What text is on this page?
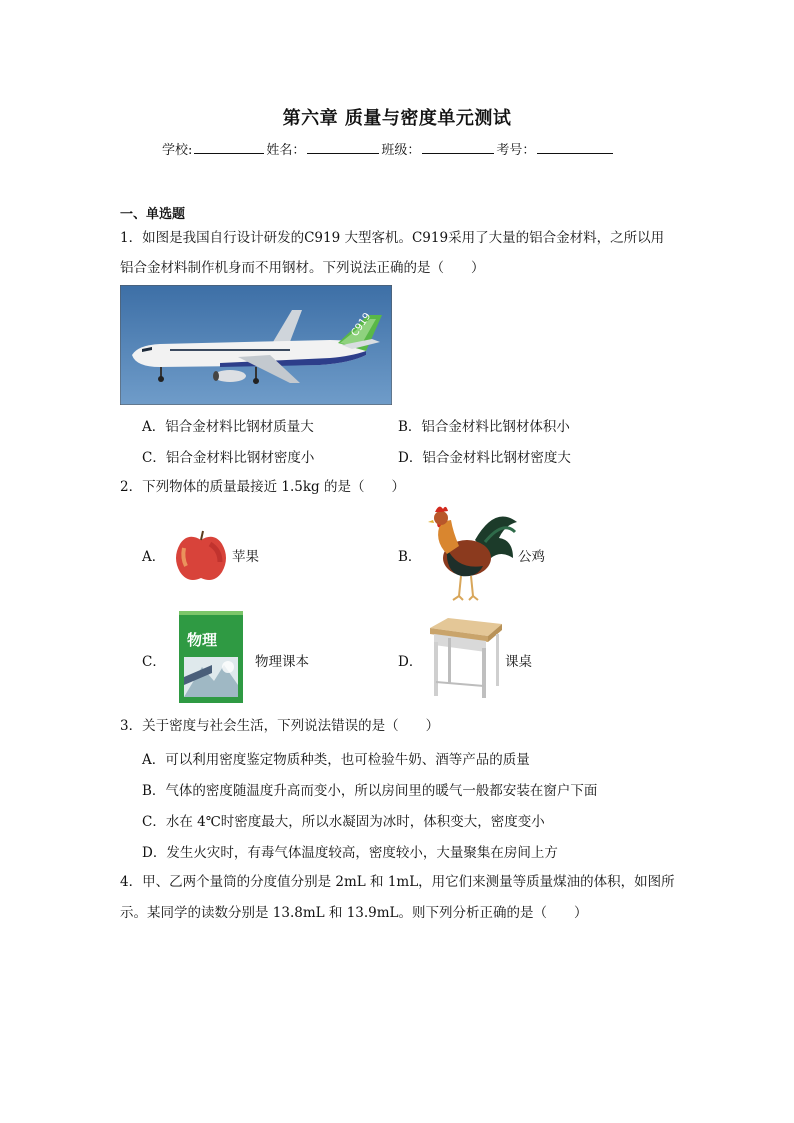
第六章 质量与密度单元测试
学校:	姓名：	班级：	考号：
一、单选题
1．如图是我国自行设计研发的C919 大型客机。C919采用了大量的铝合金材料，之所以用
铝合金材料制作机身而不用钢材。下列说法正确的是（　　）
C919
A．铝合金材料比钢材质量大	B．铝合金材料比钢材体积小
C．铝合金材料比钢材密度小	D．铝合金材料比钢材密度大
2．下列物体的质量最接近 1.5kg 的是（　　）
A．	苹果	B．	公鸡
C．
物理
物理课本	D．	课桌
3．关于密度与社会生活，下列说法错误的是（　　）
A．可以利用密度鉴定物质种类，也可检验牛奶、酒等产品的质量
B．气体的密度随温度升高而变小，所以房间里的暖气一般都安装在窗户下面
C．水在 4℃时密度最大，所以水凝固为冰时，体积变大，密度变小
D．发生火灾时，有毒气体温度较高，密度较小，大量聚集在房间上方
4．甲、乙两个量筒的分度值分别是 2mL 和 1mL，用它们来测量等质量煤油的体积，如图所
示。某同学的读数分别是 13.8mL 和 13.9mL。则下列分析正确的是（　　）
